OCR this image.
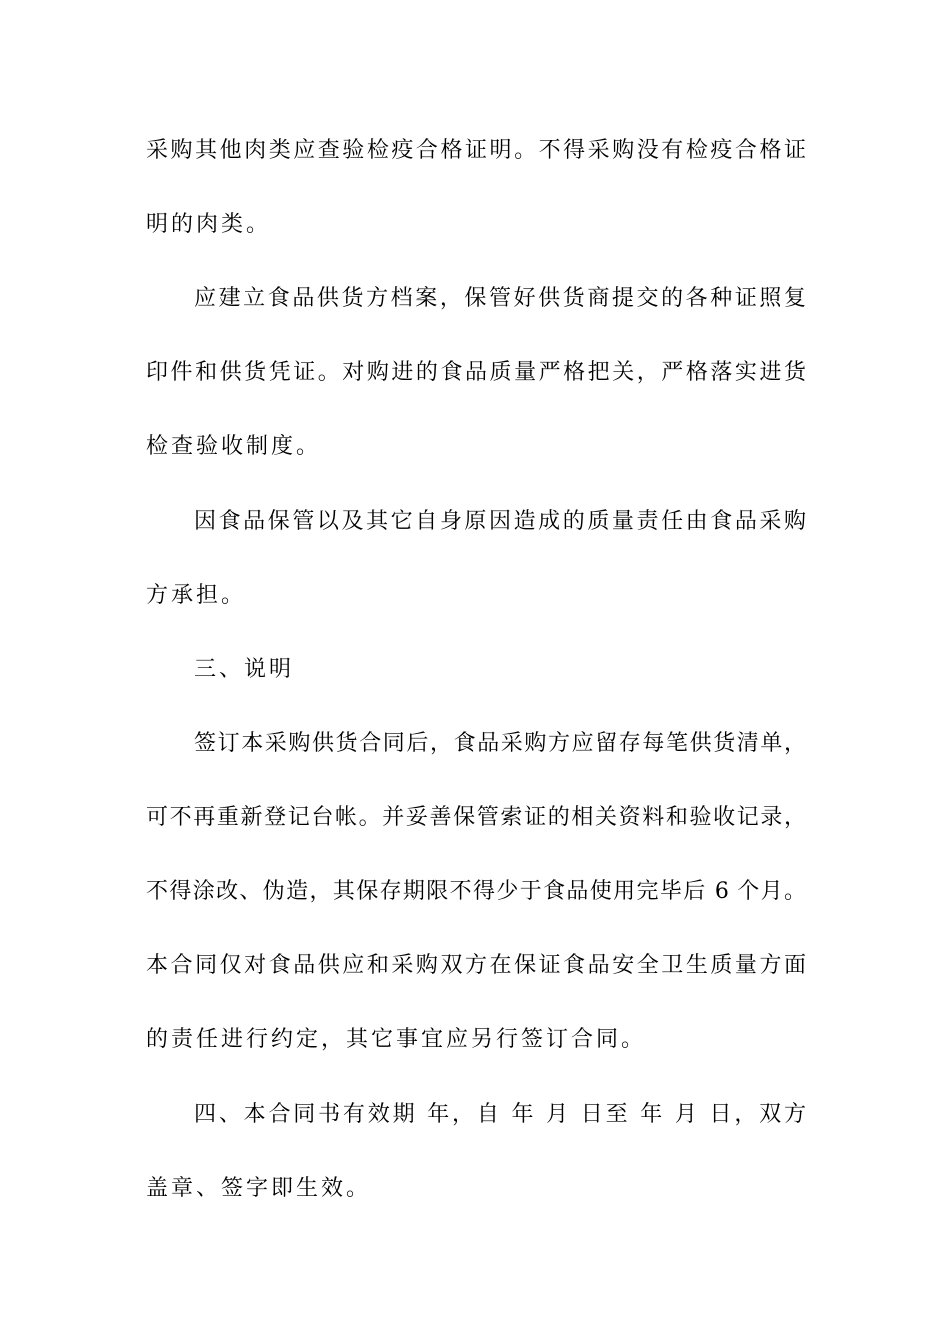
采购其他肉类应查验检疫合格证明。不得采购没有检疫合格证
明的肉类。
应建立食品供货方档案，保管好供货商提交的各种证照复
印件和供货凭证。对购进的食品质量严格把关，严格落实进货
检查验收制度。
因食品保管以及其它自身原因造成的质量责任由食品采购
方承担。
三、说明
签订本采购供货合同后，食品采购方应留存每笔供货清单，
可不再重新登记台帐。并妥善保管索证的相关资料和验收记录，
不得涂改、伪造，其保存期限不得少于食品使用完毕后 6 个月。
本合同仅对食品供应和采购双方在保证食品安全卫生质量方面
的责任进行约定，其它事宜应另行签订合同。
四、本合同书有效期 年，自 年 月 日至 年 月 日，双方
盖章、签字即生效。
